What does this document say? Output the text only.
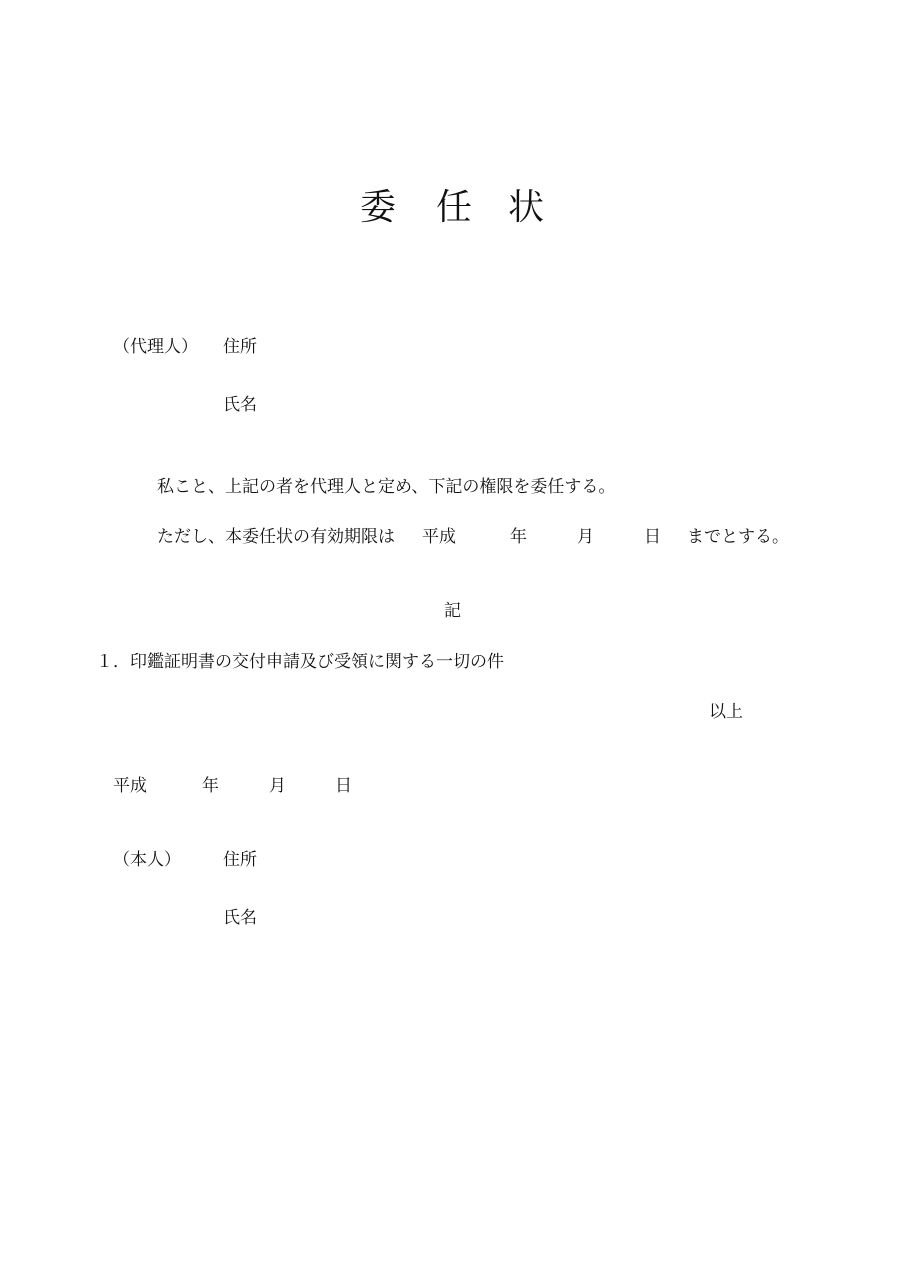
委 任 状
（代理人） 住所
氏名
私こと、上記の者を代理人と定め、下記の権限を委任する。
ただし、本委任状の有効期限は 平成	年	月	日 までとする。
記
１．印鑑証明書の交付申請及び受領に関する一切の件
以上
平成	年	月	日
（本人） 住所
氏名
